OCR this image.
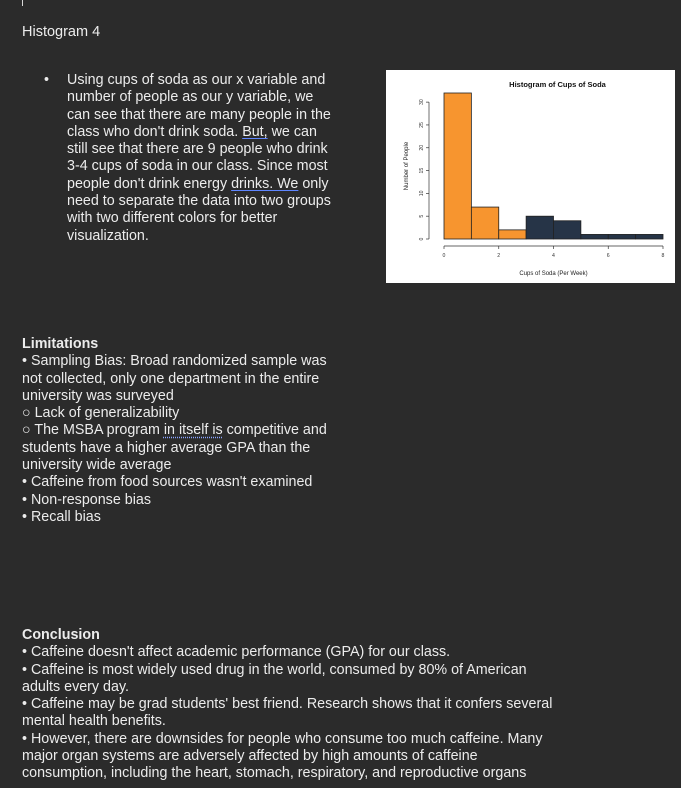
Histogram 4
• Using cups of soda as our x variable and number of people as our y variable, we can see that there are many people in the class who don't drink soda. But, we can still see that there are 9 people who drink 3-4 cups of soda in our class. Since most people don't drink energy drinks. We only need to separate the data into two groups with two different colors for better visualization.
Histogram of Cups of Soda
0
5
10
15
20
25
30
0	2	4	6	8
Cups of Soda (Per Week)
Number of People
Limitations

• Sampling Bias: Broad randomized sample was not collected, only one department in the entire university was surveyed

○ Lack of generalizability

○ The MSBA program in itself is competitive and students have a higher average GPA than the university wide average

• Caffeine from food sources wasn't examined

• Non-response bias

• Recall bias

Conclusion

• Caffeine doesn't affect academic performance (GPA) for our class.

• Caffeine is most widely used drug in the world, consumed by 80% of American adults every day.

• Caffeine may be grad students' best friend. Research shows that it confers several mental health benefits.

• However, there are downsides for people who consume too much caffeine. Many major organ systems are adversely affected by high amounts of caffeine consumption, including the heart, stomach, respiratory, and reproductive organs
